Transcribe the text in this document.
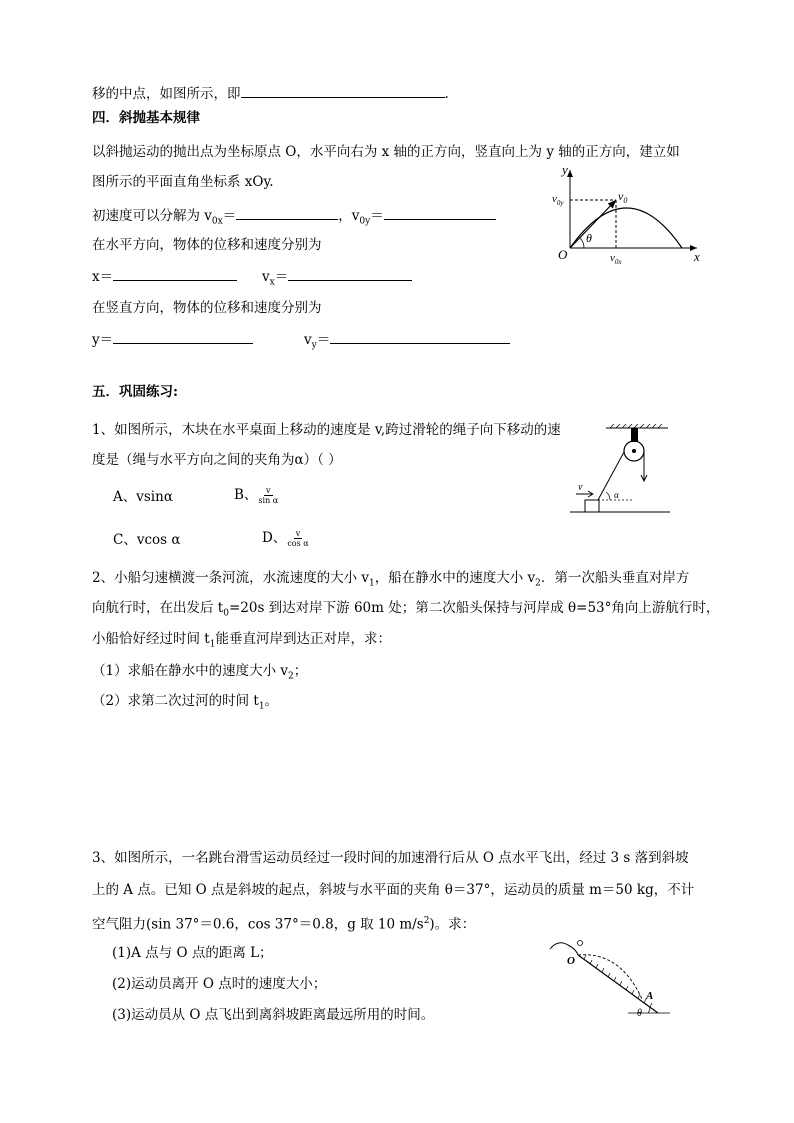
移的中点，如图所示，即	.
四．斜抛基本规律
以斜抛运动的抛出点为坐标原点 O，水平向右为 x 轴的正方向，竖直向上为 y 轴的正方向，建立如
图所示的平面直角坐标系 xOy.
初速度可以分解为 $v_{0x}=$	，$v_{0y}=$
在水平方向，物体的位移和速度分别为
x＝	$v_x=$
在竖直方向，物体的位移和速度分别为
y＝	$v_y=$
y
x
O
$v_0$
$v_{0y}$
$v_{0x}$
θ
五．巩固练习:
1、如图所示，木块在水平桌面上移动的速度是 v,跨过滑轮的绳子向下移动的速
度是（绳与水平方向之间的夹角为α）（ ）
A、vsinα	B、 $\frac{v}{\text{sin α}}$
C、vcos α	D、 $\frac{v}{\text{cos α}}$
v
α
2、小船匀速横渡一条河流，水流速度的大小 $v_1$，船在静水中的速度大小 $v_2$．第一次船头垂直对岸方
向航行时，在出发后 $t_0=20s$ 到达对岸下游 60m 处；第二次船头保持与河岸成 θ=53°角向上游航行时，
小船恰好经过时间 $t_1$能垂直河岸到达正对岸，求：
（1）求船在静水中的速度大小 $v_2$；
（2）求第二次过河的时间 $t_1$。
3、如图所示，一名跳台滑雪运动员经过一段时间的加速滑行后从 O 点水平飞出，经过 3 s 落到斜坡
上的 A 点。已知 O 点是斜坡的起点，斜坡与水平面的夹角 θ＝37°，运动员的质量 m＝50 kg，不计
空气阻力(sin 37°＝0.6，cos 37°＝0.8，g 取 10 $m/s^2$)。求：
(1)A 点与 O 点的距离 L；
(2)运动员离开 O 点时的速度大小；
(3)运动员从 O 点飞出到离斜坡距离最远所用的时间。
O
A
θ
